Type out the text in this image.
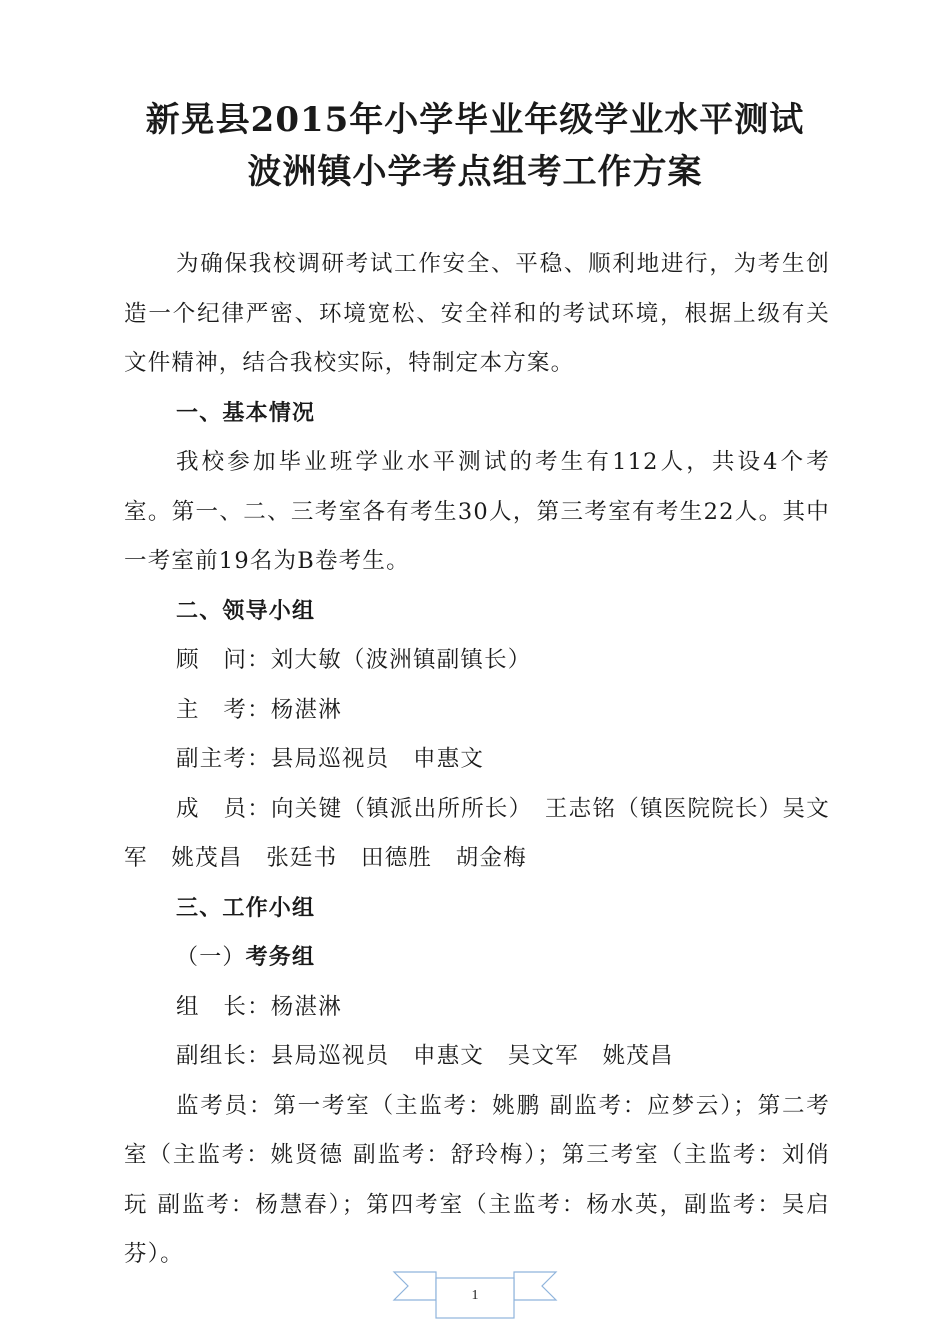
新晃县2015年小学毕业年级学业水平测试
波洲镇小学考点组考工作方案

为确保我校调研考试工作安全、平稳、顺利地进行，为考生创造一个纪律严密、环境宽松、安全祥和的考试环境，根据上级有关文件精神，结合我校实际，特制定本方案。

一、基本情况

我校参加毕业班学业水平测试的考生有112人，共设4个考室。第一、二、三考室各有考生30人，第三考室有考生22人。其中一考室前19名为B卷考生。

二、领导小组

顾　问：刘大敏（波洲镇副镇长）

主　考：杨湛淋

副主考：县局巡视员　申惠文

成　员：向关键（镇派出所所长）　王志铭（镇医院院长）吴文军　姚茂昌　张廷书　田德胜　胡金梅

三、工作小组

（一）考务组

组　长：杨湛淋

副组长：县局巡视员　申惠文　吴文军　姚茂昌

监考员：第一考室（主监考：姚鹏 副监考：应梦云）；第二考室（主监考：姚贤德 副监考：舒玲梅）；第三考室（主监考：刘俏玩 副监考：杨慧春）；第四考室（主监考：杨水英，副监考：吴启芬）。

1
